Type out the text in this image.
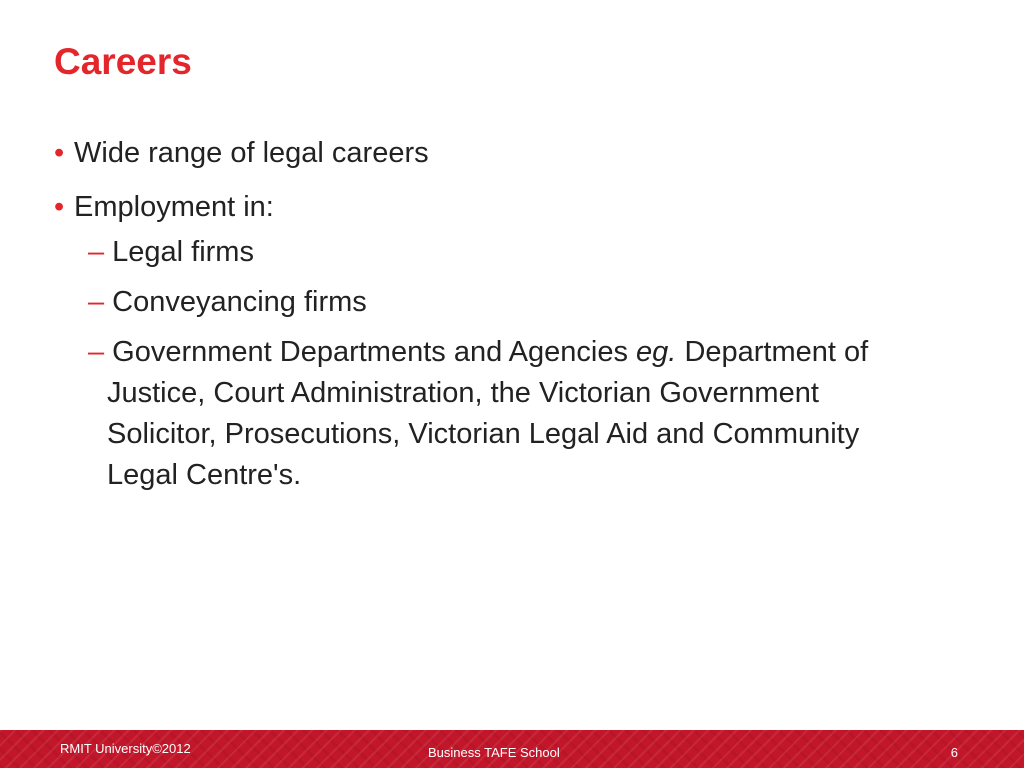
Careers
• Wide range of legal careers
• Employment in:
– Legal firms
– Conveyancing firms
– Government Departments and Agencies eg. Department of Justice, Court Administration, the Victorian Government Solicitor, Prosecutions, Victorian Legal Aid and Community Legal Centre's.
RMIT University©2012	Business TAFE School	6
